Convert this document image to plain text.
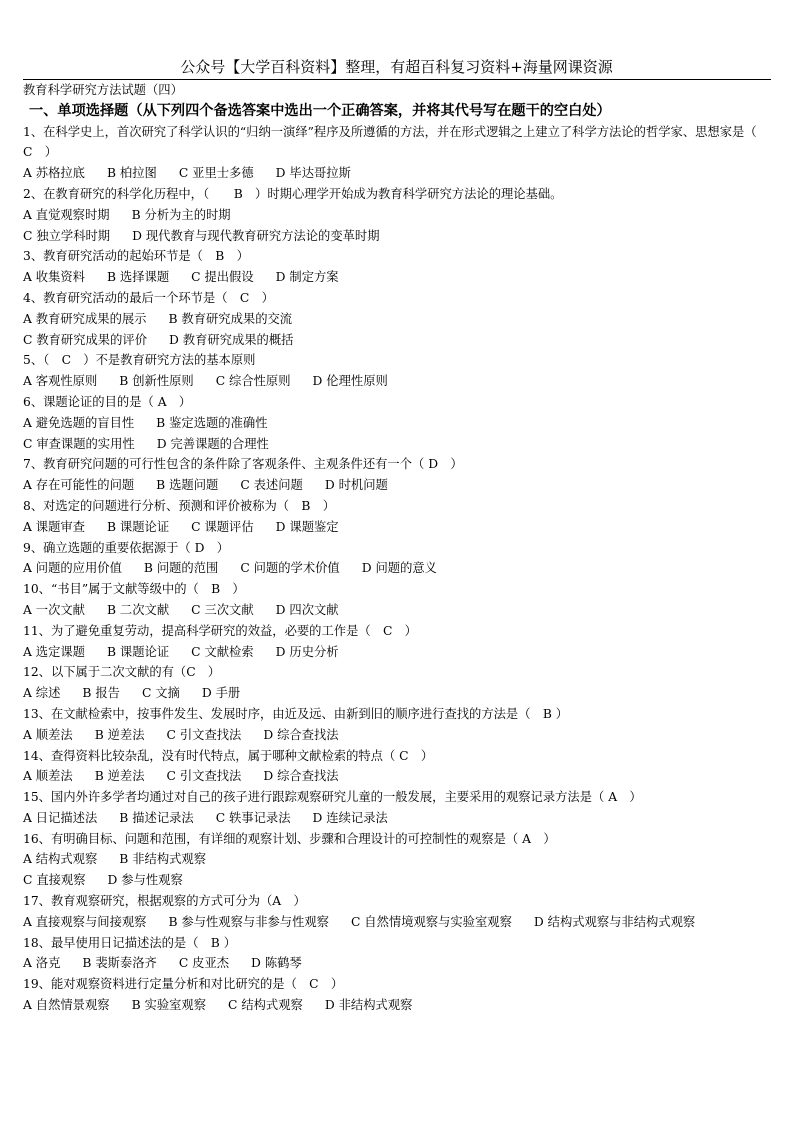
公众号【大学百科资料】整理，有超百科复习资料+海量网课资源
教育科学研究方法试题（四）
一、单项选择题（从下列四个备选答案中选出一个正确答案，并将其代号写在题干的空白处）
1、在科学史上，首次研究了科学认识的“归纳一演绎”程序及所遵循的方法，并在形式逻辑之上建立了科学方法论的哲学家、思想家是（　C　）
A 苏格拉底 B 柏拉图 C 亚里士多德 D 毕达哥拉斯
2、在教育研究的科学化历程中，（　　B　）时期心理学开始成为教育科学研究方法论的理论基础。
A 直觉观察时期 B 分析为主的时期
C 独立学科时期 D 现代教育与现代教育研究方法论的变革时期
3、教育研究活动的起始环节是（　B　）
A 收集资料 B 选择课题 C 提出假设 D 制定方案
4、教育研究活动的最后一个环节是（　C　）
A 教育研究成果的展示 B 教育研究成果的交流
C 教育研究成果的评价 D 教育研究成果的概括
5、（　C　）不是教育研究方法的基本原则
A 客观性原则 B 创新性原则 C 综合性原则 D 伦理性原则
6、课题论证的目的是（ A　）
A 避免选题的盲目性 B 鉴定选题的准确性
C 审查课题的实用性 D 完善课题的合理性
7、教育研究问题的可行性包含的条件除了客观条件、主观条件还有一个（ D　）
A 存在可能性的问题 B 选题问题 C 表述问题 D 时机问题
8、对选定的问题进行分析、预测和评价被称为（　B　）
A 课题审查 B 课题论证 C 课题评估 D 课题鉴定
9、确立选题的重要依据源于（ D　）
A 问题的应用价值 B 问题的范围 C 问题的学术价值 D 问题的意义
10、“书目”属于文献等级中的（　B　）
A 一次文献 B 二次文献 C 三次文献 D 四次文献
11、为了避免重复劳动，提高科学研究的效益，必要的工作是（　C　）
A 选定课题 B 课题论证 C 文献检索 D 历史分析
12、以下属于二次文献的有（C　）
A 综述 B 报告 C 文摘 D 手册
13、在文献检索中，按事件发生、发展时序，由近及远、由新到旧的顺序进行查找的方法是（　B ）
A 顺差法 B 逆差法 C 引文查找法 D 综合查找法
14、查得资料比较杂乱，没有时代特点，属于哪种文献检索的特点（ C　）
A 顺差法 B 逆差法 C 引文查找法 D 综合查找法
15、国内外许多学者均通过对自己的孩子进行跟踪观察研究儿童的一般发展，主要采用的观察记录方法是（ A　）
A 日记描述法 B 描述记录法 C 轶事记录法 D 连续记录法
16、有明确目标、问题和范围，有详细的观察计划、步骤和合理设计的可控制性的观察是（ A　）
A 结构式观察 B 非结构式观察
C 直接观察 D 参与性观察
17、教育观察研究，根据观察的方式可分为（A　）
A 直接观察与间接观察 B 参与性观察与非参与性观察 C 自然情境观察与实验室观察 D 结构式观察与非结构式观察
18、最早使用日记描述法的是（　B ）
A 洛克 B 裴斯泰洛齐 C 皮亚杰 D 陈鹤琴
19、能对观察资料进行定量分析和对比研究的是（　C　）
A 自然情景观察 B 实验室观察 C 结构式观察 D 非结构式观察
